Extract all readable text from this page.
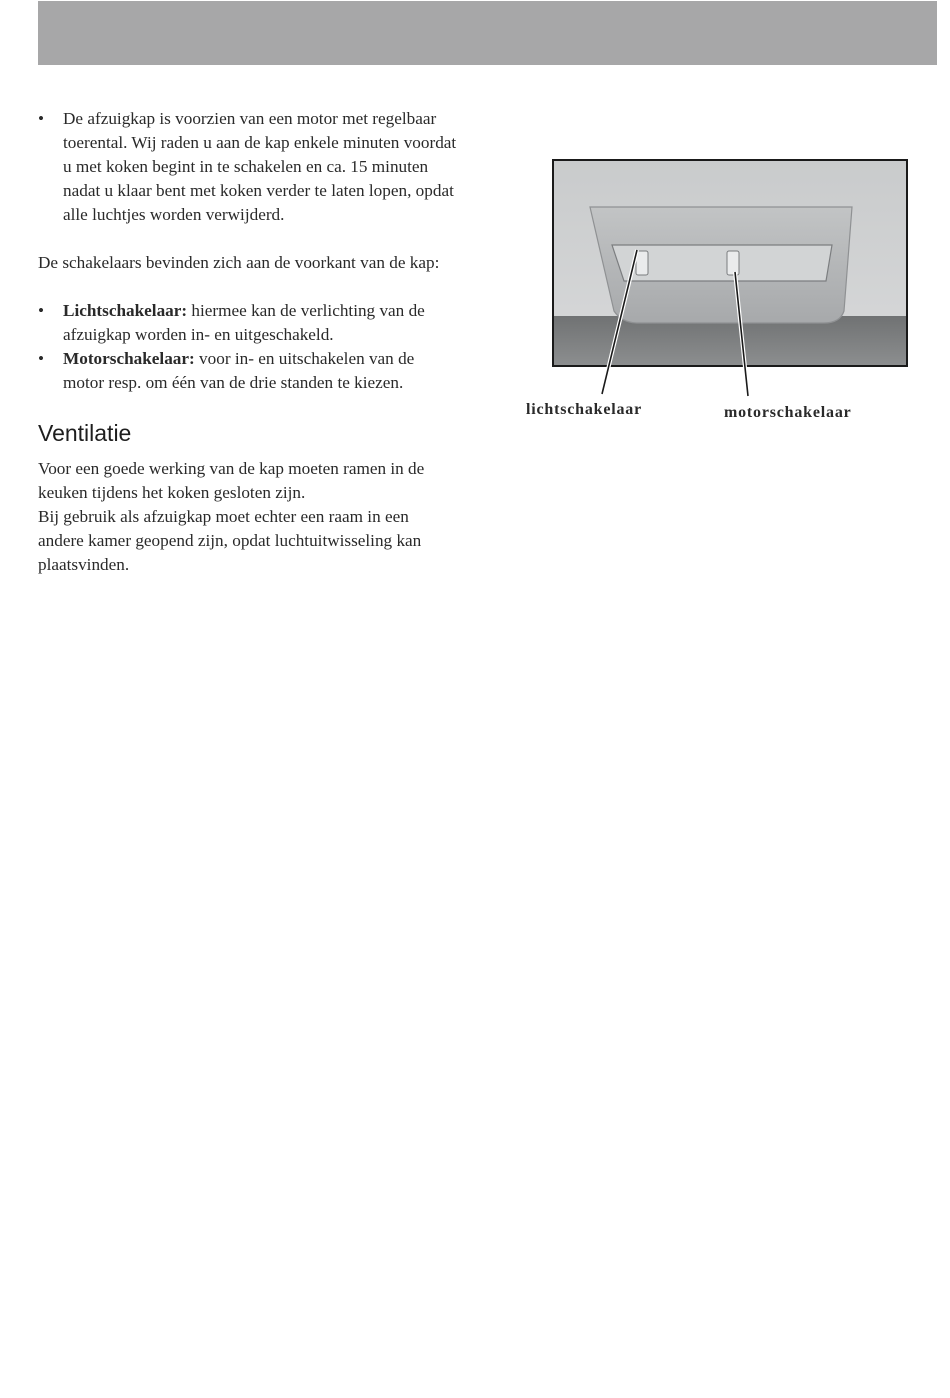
• De afzuigkap is voorzien van een motor met regelbaar toerental. Wij raden u aan de kap enkele minuten voordat u met koken begint in te schakelen en ca. 15 minuten nadat u klaar bent met koken verder te laten lopen, opdat alle luchtjes worden verwijderd.

De schakelaars bevinden zich aan de voorkant van de kap:

• Lichtschakelaar: hiermee kan de verlichting van de afzuigkap worden in- en uitgeschakeld.
• Motorschakelaar: voor in- en uitschakelen van de motor resp. om één van de drie standen te kiezen.
Ventilatie

Voor een goede werking van de kap moeten ramen in de keuken tijdens het koken gesloten zijn.

Bij gebruik als afzuigkap moet echter een raam in een andere kamer geopend zijn, opdat luchtuitwisseling kan plaatsvinden.

lichtschakelaar	motorschakelaar
